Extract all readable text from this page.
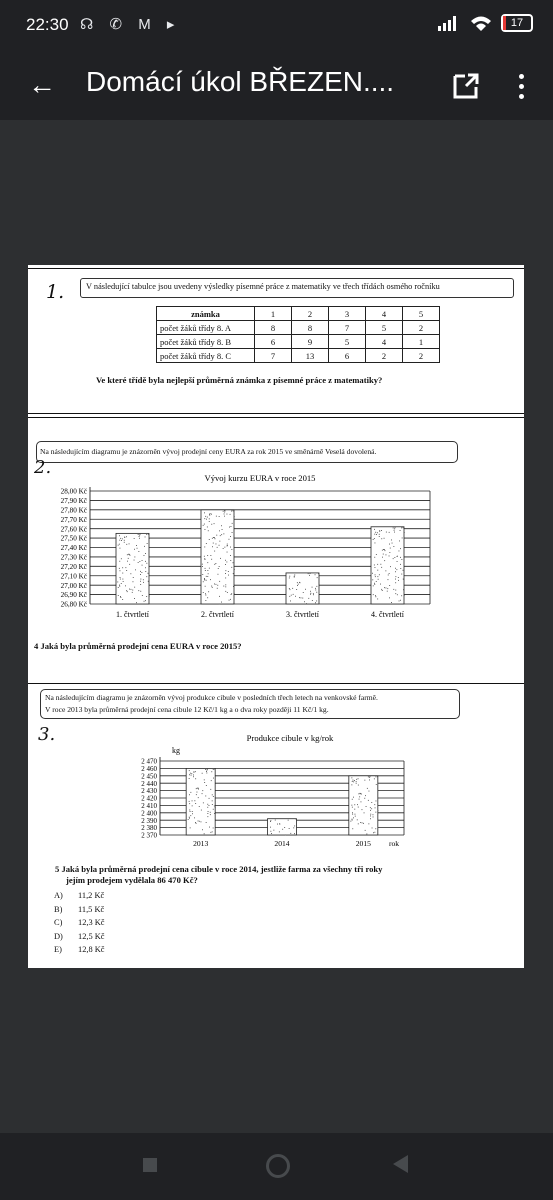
22:30 ☊ ✆ M ▸	17
← Domácí úkol BŘEZEN....
1.	V následující tabulce jsou uvedeny výsledky písemné práce z matematiky ve třech třídách osmého ročníku
známka	1	2	3	4	5
počet žáků třídy 8. A	8	8	7	5	2
počet žáků třídy 8. B	6	9	5	4	1
počet žáků třídy 8. C	7	13	6	2	2
Ve které třídě byla nejlepší průměrná známka z písemné práce z matematiky?
Na následujícím diagramu je znázorněn vývoj prodejní ceny EURA za rok 2015 ve směnárně Veselá dovolená.
2.	Vývoj kurzu EURA v roce 2015
28,00 Kč
27,90 Kč
27,80 Kč
27,70 Kč
27,60 Kč
27,50 Kč
27,40 Kč
27,30 Kč
27,20 Kč
27,10 Kč
27,00 Kč
26,90 Kč
26,80 Kč
1. čtvrtletí	2. čtvrtletí	3. čtvrtletí	4. čtvrtletí
4 Jaká byla průměrná prodejní cena EURA v roce 2015?
Na následujícím diagramu je znázorněn vývoj produkce cibule v posledních třech letech na venkovské farmě.
V roce 2013 byla průměrná prodejní cena cibule 12 Kč/1 kg a o dva roky později 11 Kč/1 kg.
3.	Produkce cibule v kg/rok
2 470
2 460
2 450
2 440
2 430
2 420
2 410
2 400
2 390
2 380
2 370
2013	2014	2015
kg
rok
5 Jaká byla průměrná prodejní cena cibule v roce 2014, jestliže farma za všechny tři roky
jejím prodejem vydělala 86 470 Kč?
A) 11,2 Kč
B) 11,5 Kč
C) 12,3 Kč
D) 12,5 Kč
E) 12,8 Kč
